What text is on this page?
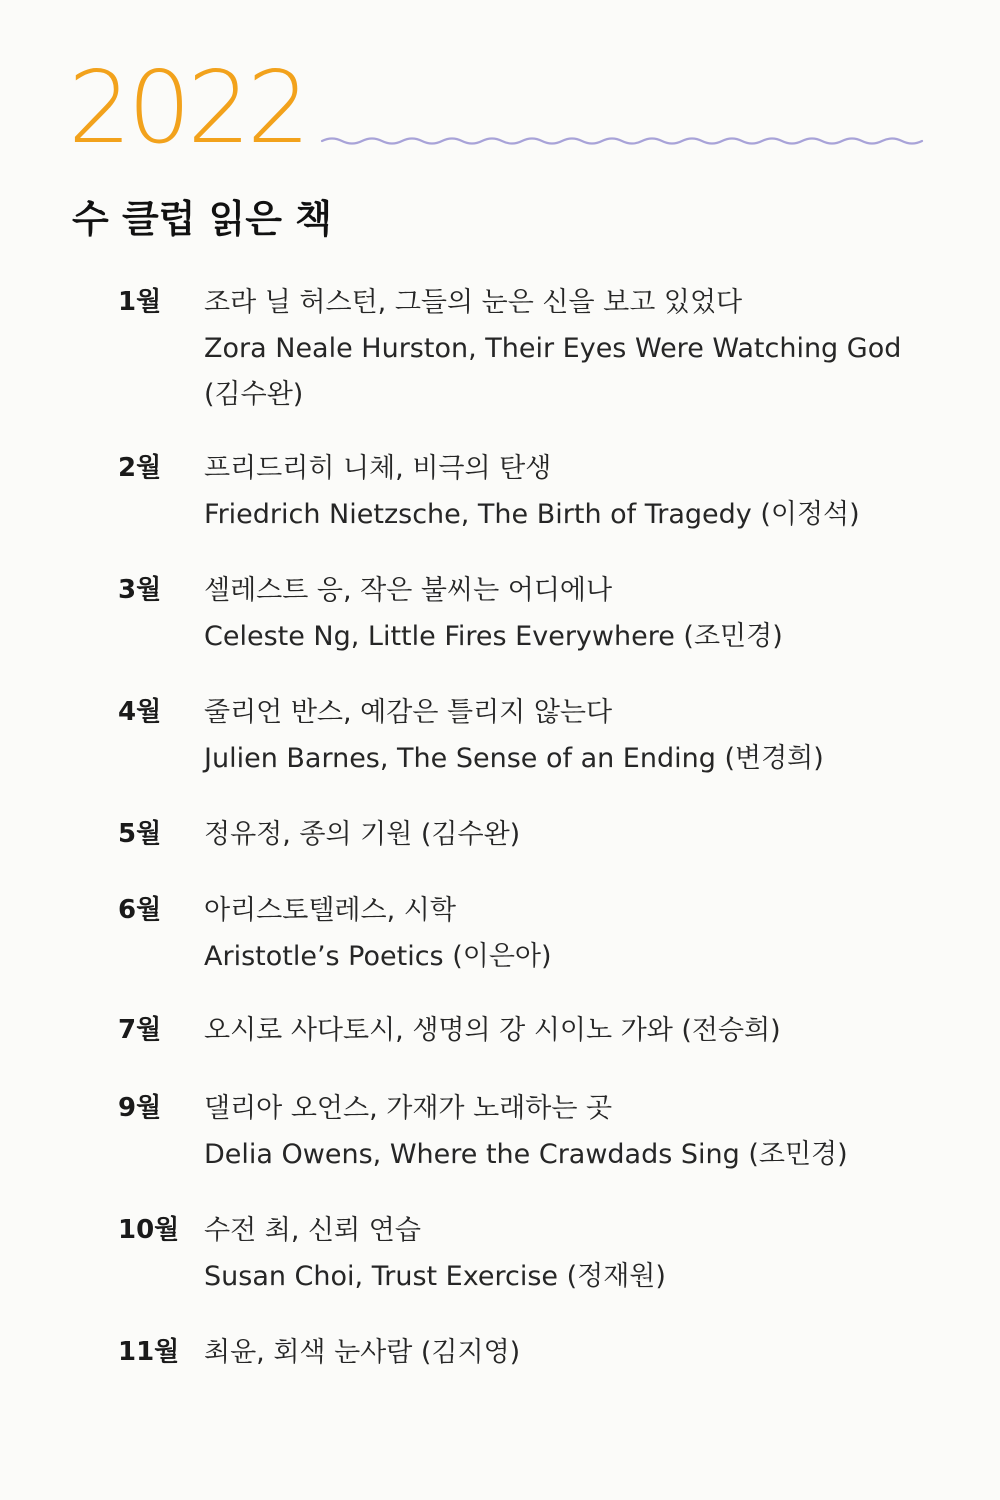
2022
수 클럽 읽은 책
1월 조라 닐 허스턴, 그들의 눈은 신을 보고 있었다
Zora Neale Hurston, Their Eyes Were Watching God
(김수완)
2월 프리드리히 니체, 비극의 탄생
Friedrich Nietzsche, The Birth of Tragedy (이정석)
3월 셀레스트 응, 작은 불씨는 어디에나
Celeste Ng, Little Fires Everywhere (조민경)
4월 줄리언 반스, 예감은 틀리지 않는다
Julien Barnes, The Sense of an Ending (변경희)
5월 정유정, 종의 기원 (김수완)
6월 아리스토텔레스, 시학
Aristotle’s Poetics (이은아)
7월 오시로 사다토시, 생명의 강 시이노 가와 (전승희)
9월 댈리아 오언스, 가재가 노래하는 곳
Delia Owens, Where the Crawdads Sing (조민경)
10월 수전 최, 신뢰 연습
Susan Choi, Trust Exercise (정재원)
11월 최윤, 회색 눈사람 (김지영)
